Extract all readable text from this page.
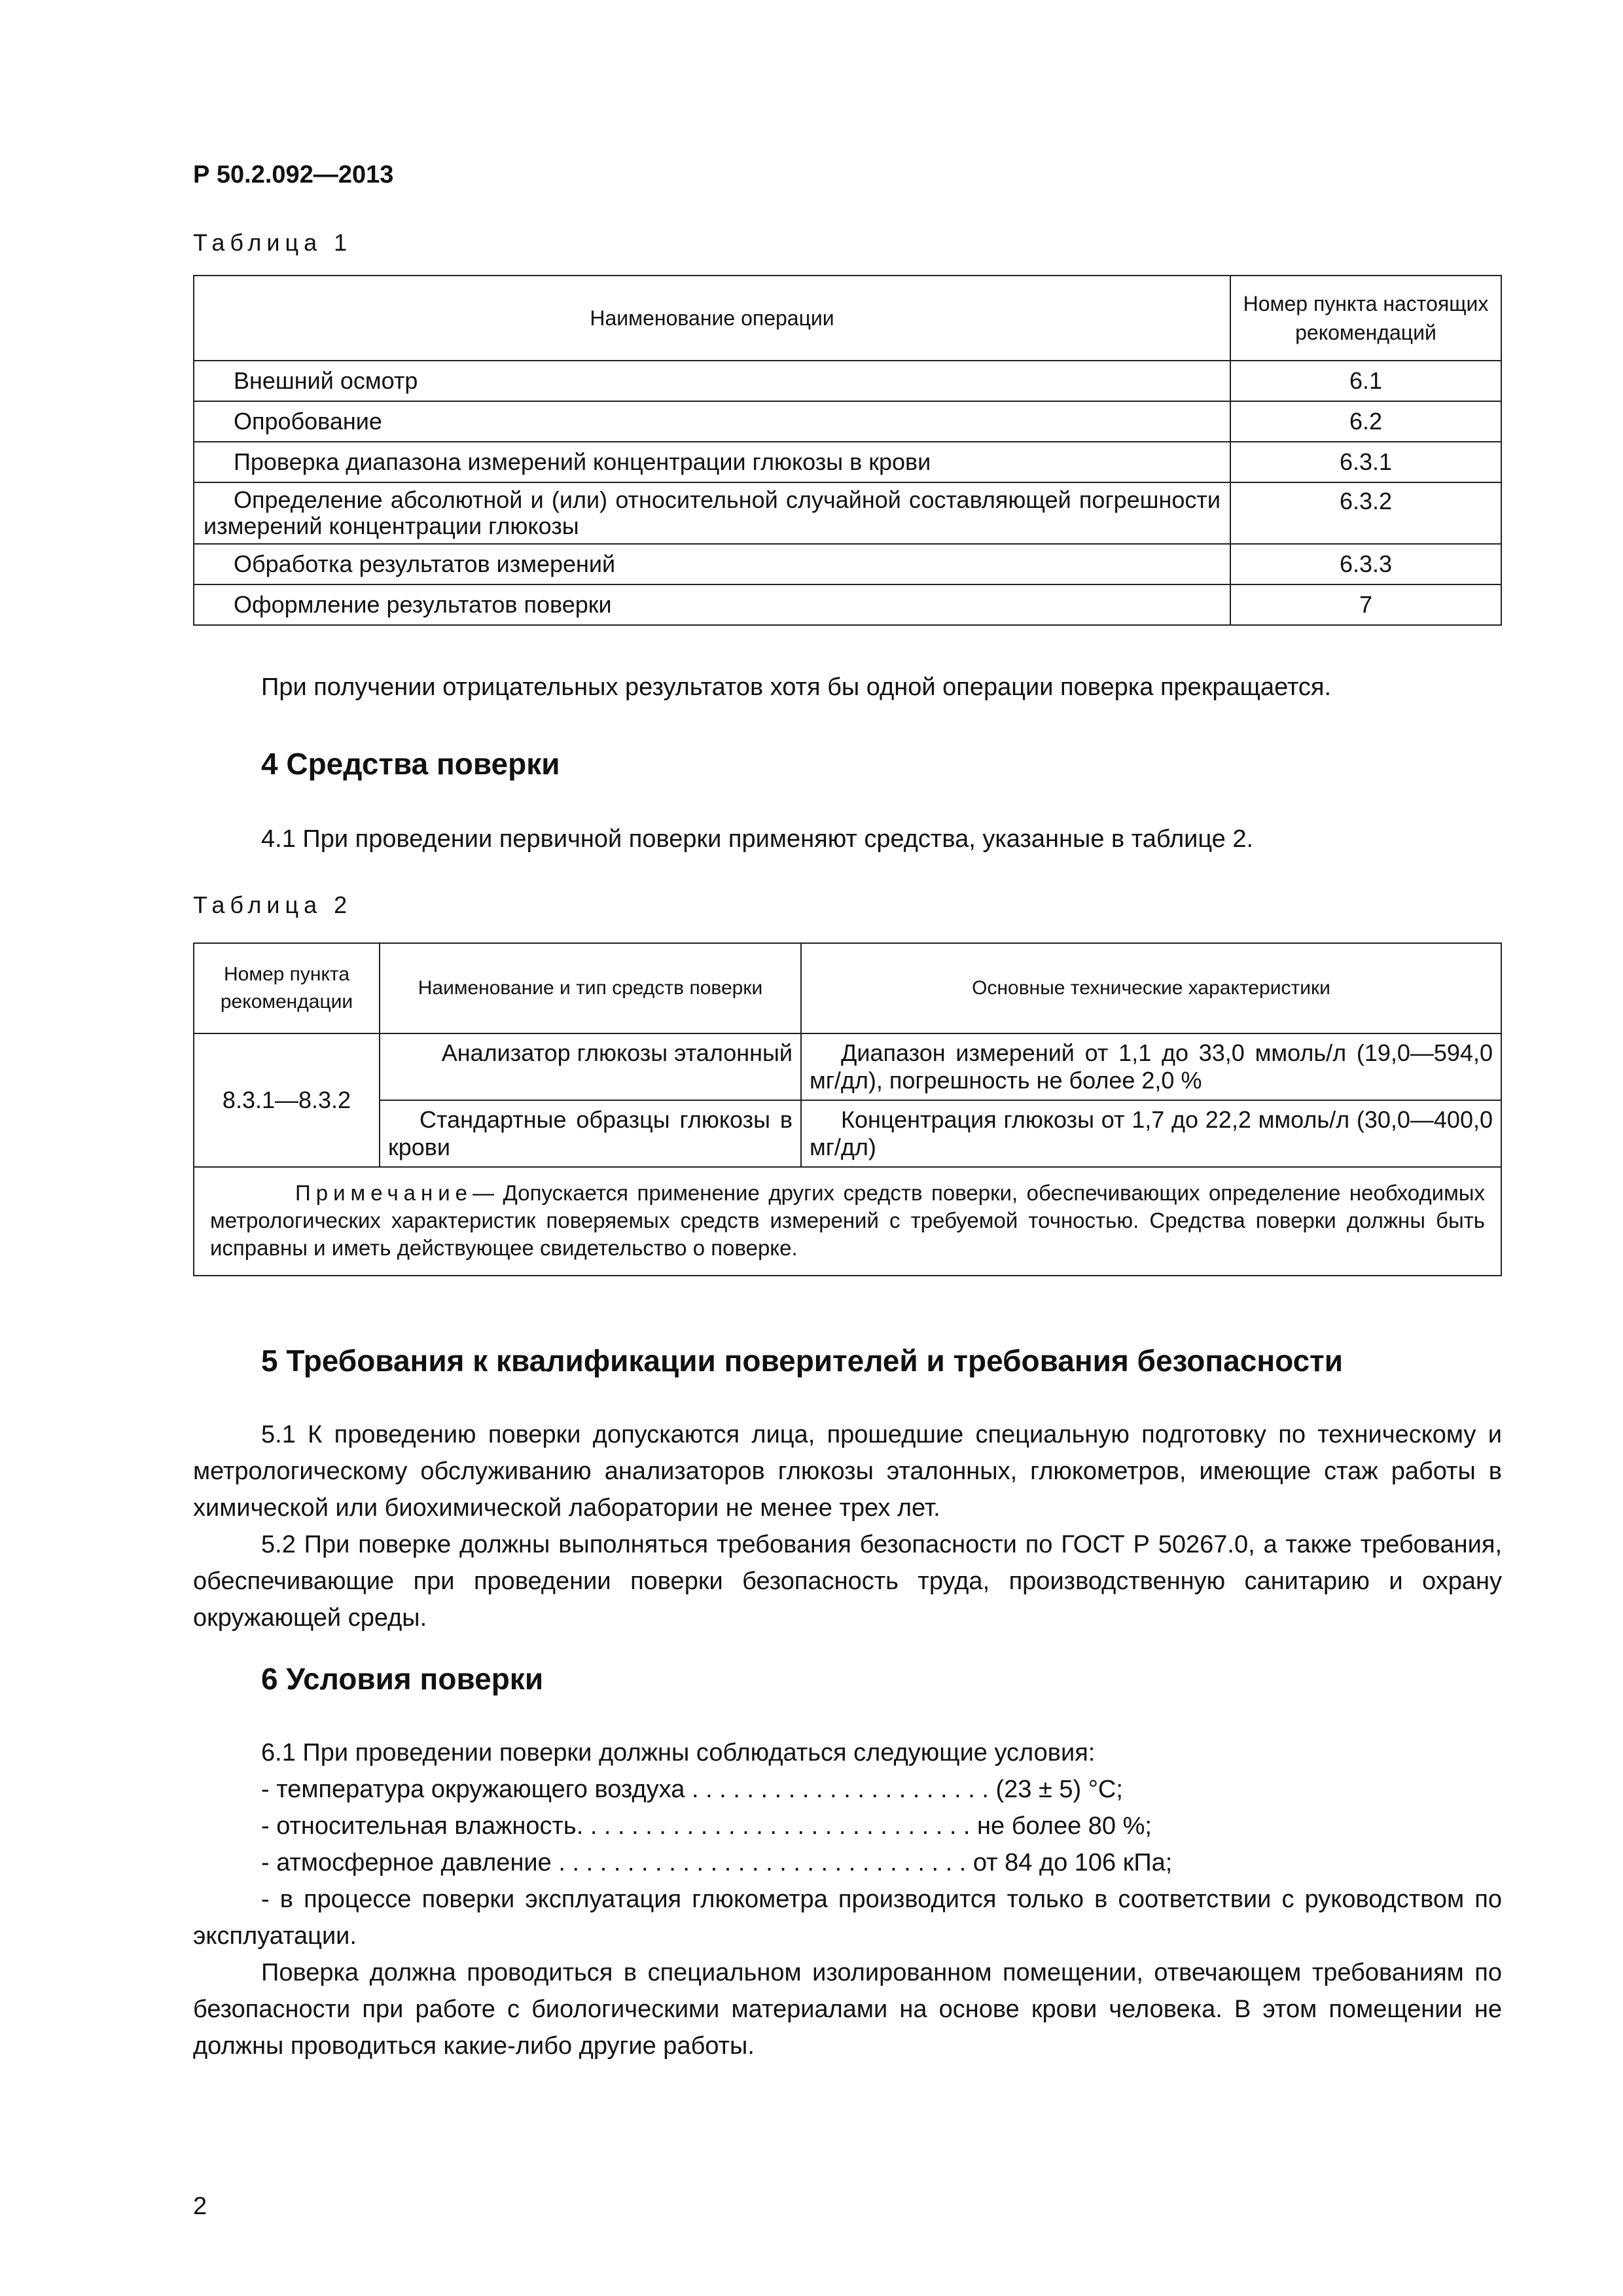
Р 50.2.092—2013
Таблица 1
Наименование операции	Номер пункта настоящих рекомендаций
Внешний осмотр	6.1
Опробование	6.2
Проверка диапазона измерений концентрации глюкозы в крови	6.3.1
Определение абсолютной и (или) относительной случайной составляющей погрешности измерений концентрации глюкозы	6.3.2
Обработка результатов измерений	6.3.3
Оформление результатов поверки	7
При получении отрицательных результатов хотя бы одной операции поверка прекращается.
4 Средства поверки
4.1 При проведении первичной поверки применяют средства, указанные в таблице 2.
Таблица 2
Номер пункта рекомендации	Наименование и тип средств поверки	Основные технические характеристики
8.3.1—8.3.2	Анализатор глюкозы эталонный	Диапазон измерений от 1,1 до 33,0 ммоль/л (19,0—594,0 мг/дл), погрешность не более 2,0 %
	Стандартные образцы глюкозы в крови	Концентрация глюкозы от 1,7 до 22,2 ммоль/л (30,0—400,0 мг/дл)
Примечание— Допускается применение других средств поверки, обеспечивающих определение необходимых метрологических характеристик поверяемых средств измерений с требуемой точностью. Средства поверки должны быть исправны и иметь действующее свидетельство о поверке.		
5 Требования к квалификации поверителей и требования безопасности
5.1 К проведению поверки допускаются лица, прошедшие специальную подготовку по техническому и метрологическому обслуживанию анализаторов глюкозы эталонных, глюкометров, имеющие стаж работы в химической или биохимической лаборатории не менее трех лет.
5.2 При поверке должны выполняться требования безопасности по ГОСТ Р 50267.0, а также требования, обеспечивающие при проведении поверки безопасность труда, производственную санитарию и охрану окружающей среды.
6 Условия поверки
6.1 При проведении поверки должны соблюдаться следующие условия:
- температура окружающего воздуха . . . . . . . . . . . . . . . . . . . . . . (23 ± 5) °С;
- относительная влажность. . . . . . . . . . . . . . . . . . . . . . . . . . . . . не более 80 %;
- атмосферное давление . . . . . . . . . . . . . . . . . . . . . . . . . . . . . . от 84 до 106 кПа;
- в процессе поверки эксплуатация глюкометра производится только в соответствии с руководством по эксплуатации.
Поверка должна проводиться в специальном изолированном помещении, отвечающем требованиям по безопасности при работе с биологическими материалами на основе крови человека. В этом помещении не должны проводиться какие-либо другие работы.
2
